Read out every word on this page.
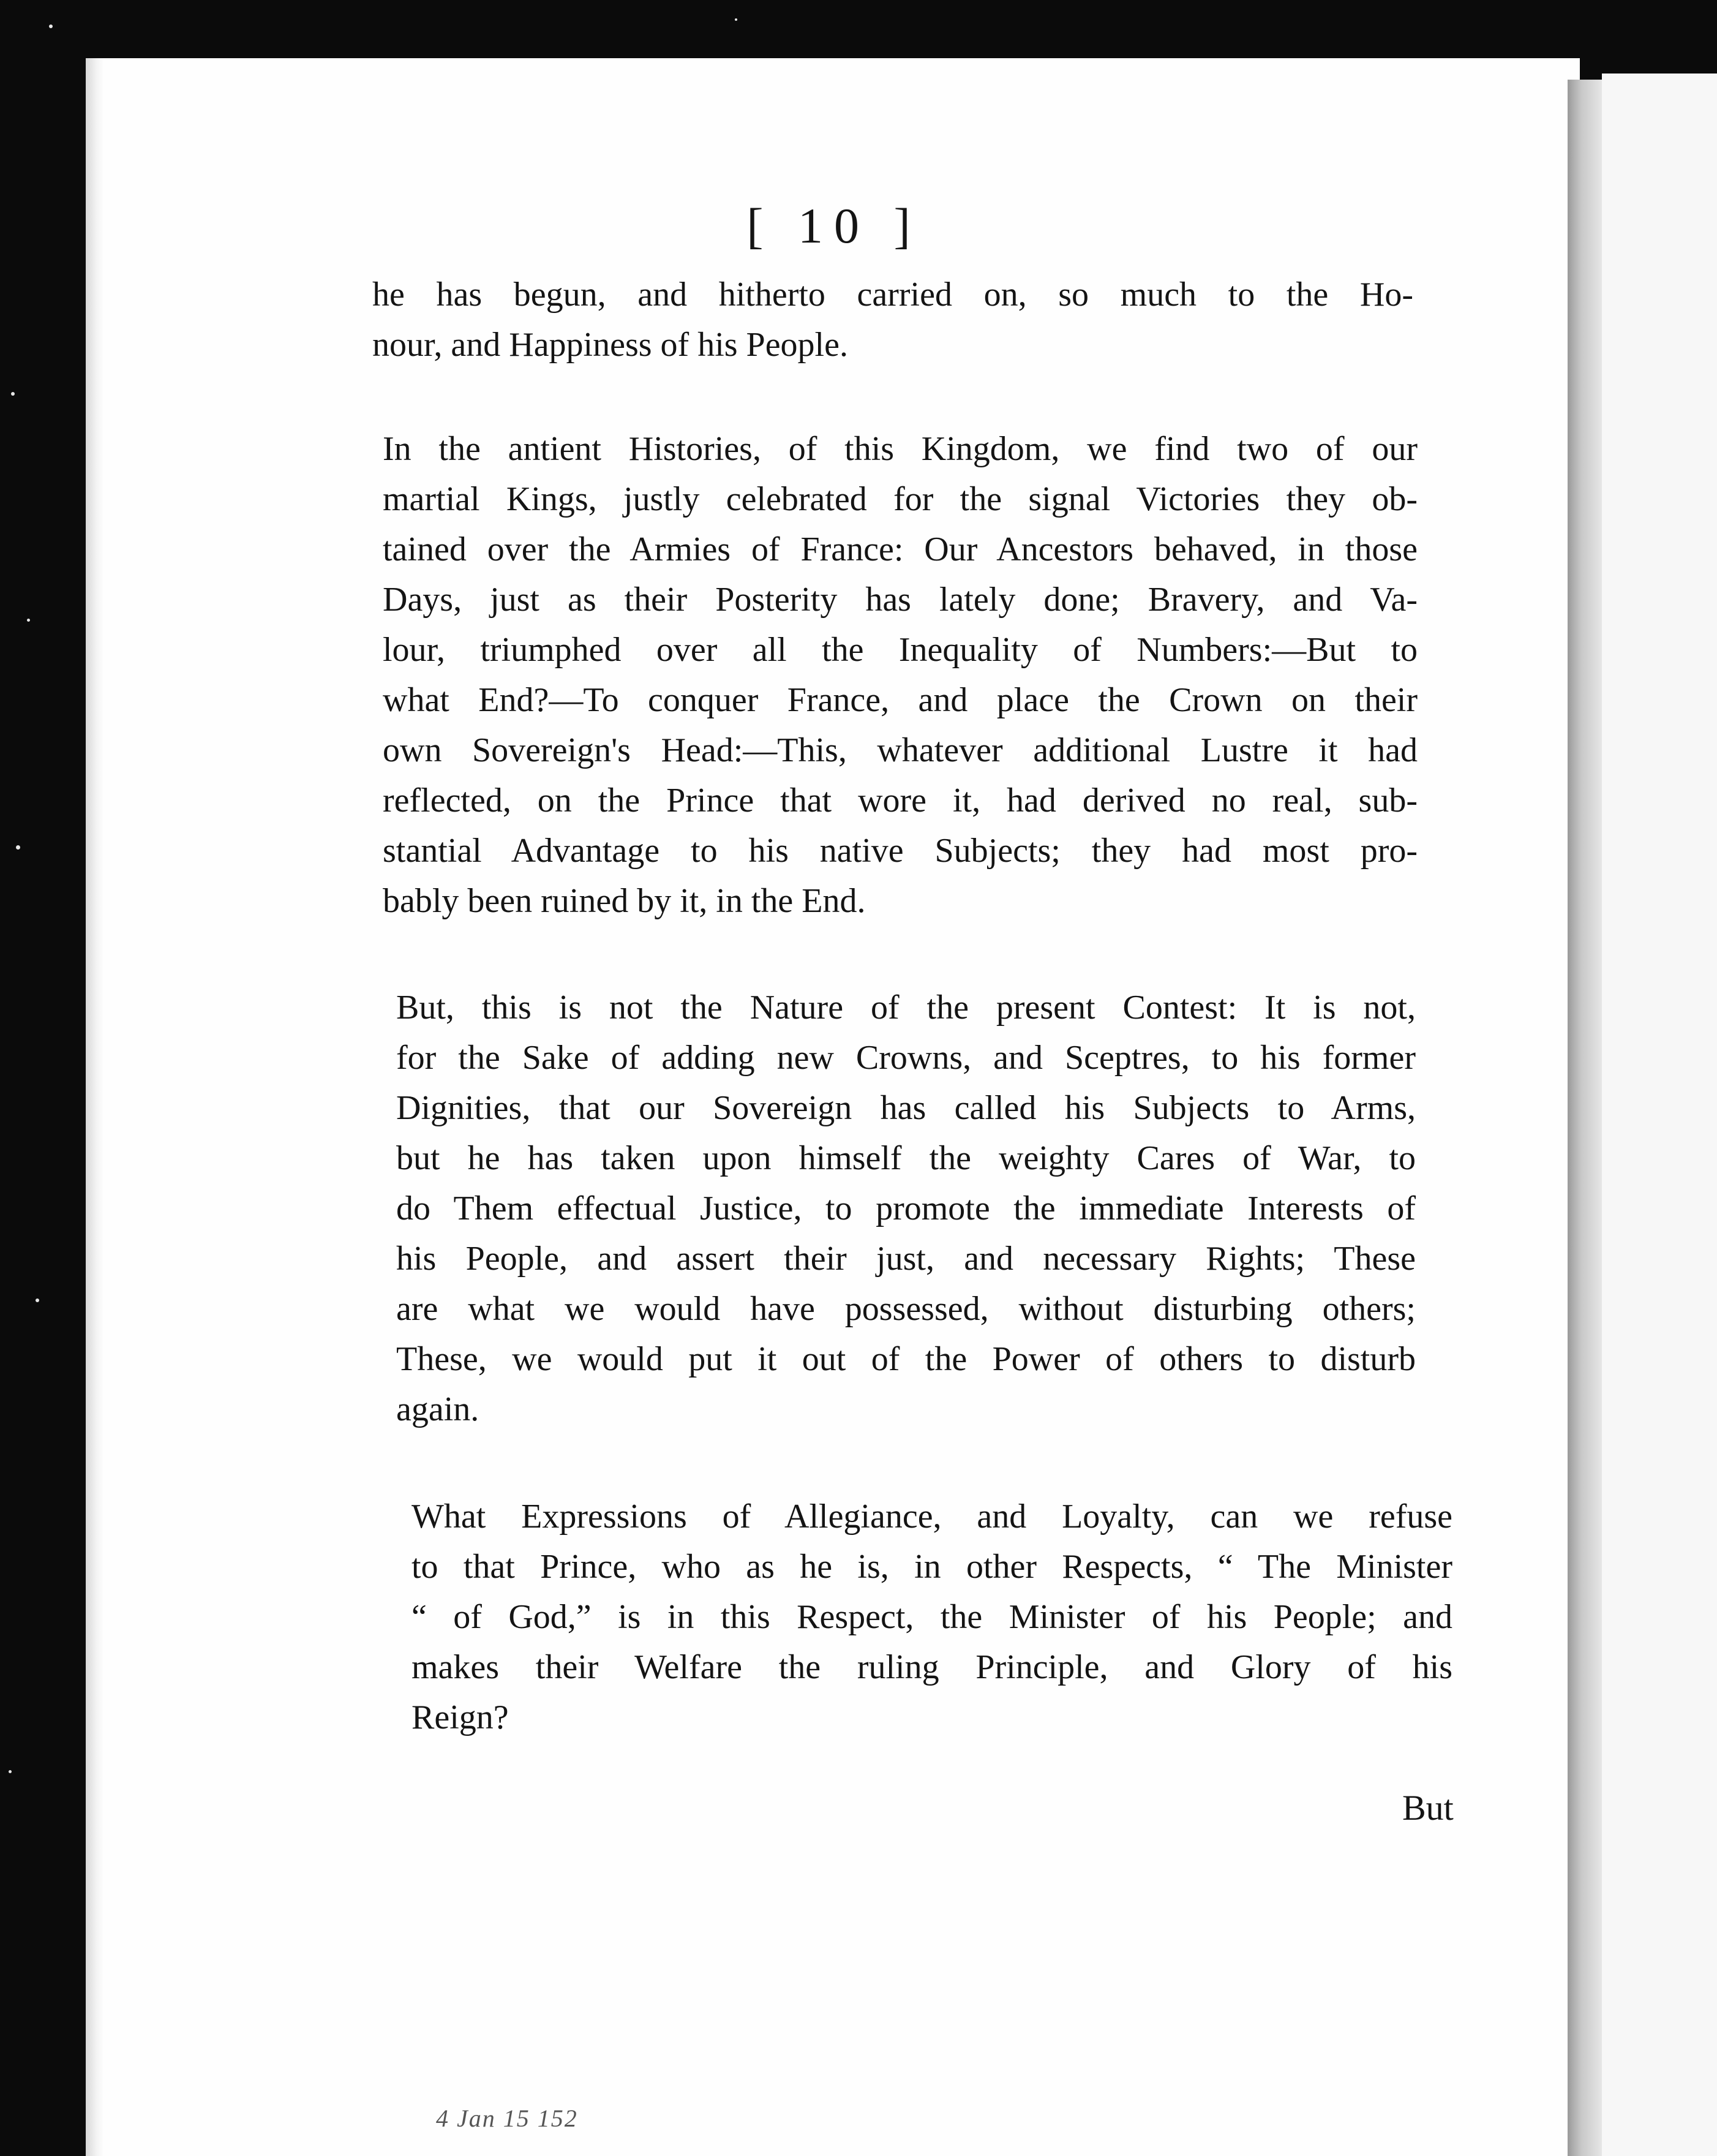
[ 10 ]
he has begun, and hitherto carried on, so much to the Ho-
nour, and Happiness of his People.
In the antient Histories, of this Kingdom, we find two of our
martial Kings, justly celebrated for the signal Victories they ob-
tained over the Armies of France: Our Ancestors behaved, in those
Days, just as their Posterity has lately done; Bravery, and Va-
lour, triumphed over all the Inequality of Numbers:—But to
what End?—To conquer France, and place the Crown on their
own Sovereign's Head:—This, whatever additional Lustre it had
reflected, on the Prince that wore it, had derived no real, sub-
stantial Advantage to his native Subjects; they had most pro-
bably been ruined by it, in the End.
But, this is not the Nature of the present Contest: It is not,
for the Sake of adding new Crowns, and Sceptres, to his former
Dignities, that our Sovereign has called his Subjects to Arms,
but he has taken upon himself the weighty Cares of War, to
do Them effectual Justice, to promote the immediate Interests of
his People, and assert their just, and necessary Rights; These
are what we would have possessed, without disturbing others;
These, we would put it out of the Power of others to disturb
again.
What Expressions of Allegiance, and Loyalty, can we refuse
to that Prince, who as he is, in other Respects, “ The Minister
“ of God,” is in this Respect, the Minister of his People; and
makes their Welfare the ruling Principle, and Glory of his
Reign?
But
4 Jan 15 152
